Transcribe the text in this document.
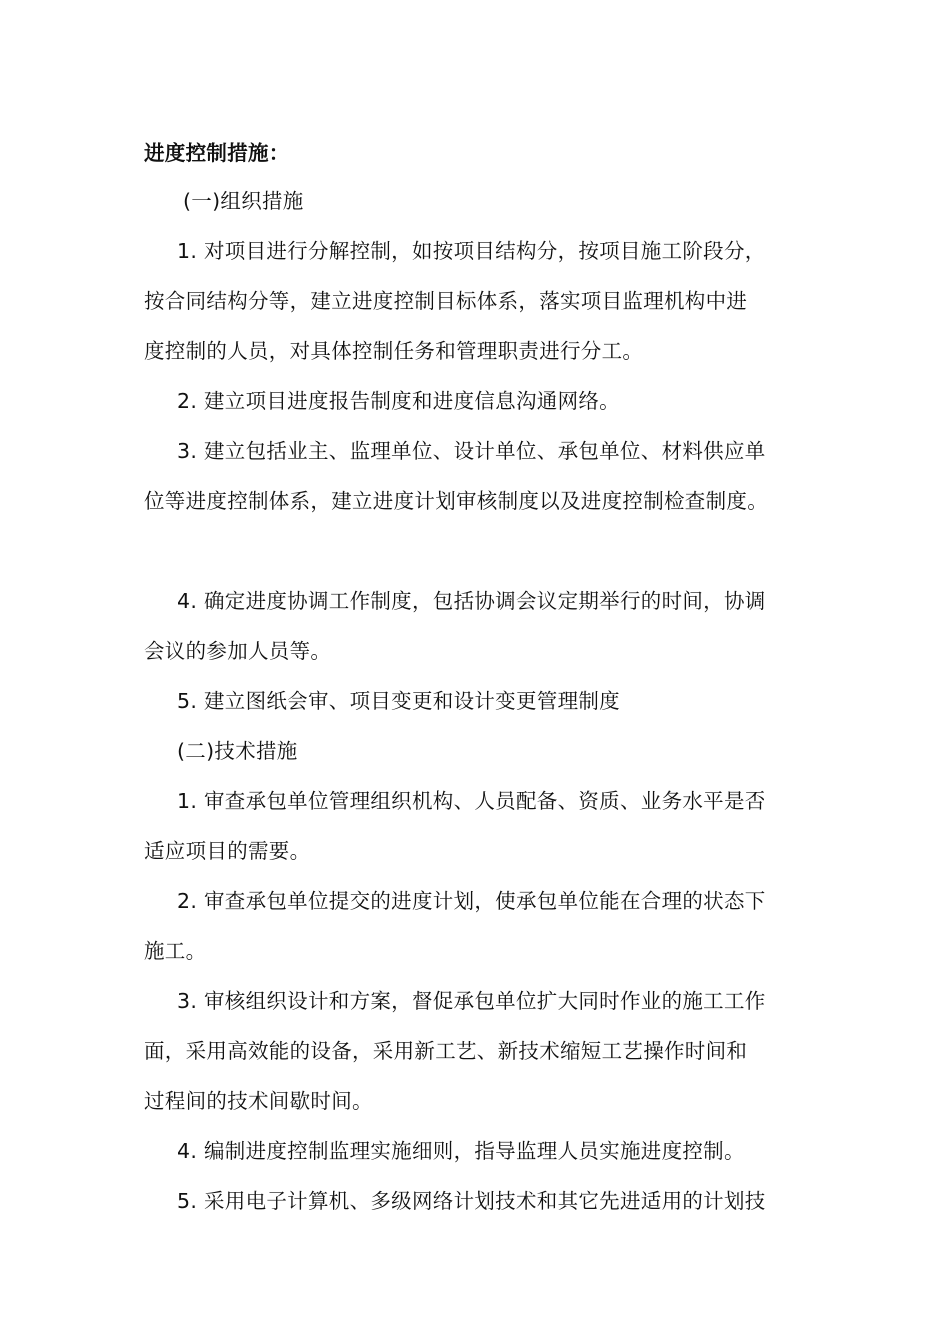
进度控制措施：
(一)组织措施
1. 对项目进行分解控制，如按项目结构分，按项目施工阶段分，
按合同结构分等，建立进度控制目标体系，落实项目监理机构中进
度控制的人员，对具体控制任务和管理职责进行分工。
2. 建立项目进度报告制度和进度信息沟通网络。
3. 建立包括业主、监理单位、设计单位、承包单位、材料供应单
位等进度控制体系，建立进度计划审核制度以及进度控制检查制度。
4. 确定进度协调工作制度，包括协调会议定期举行的时间，协调
会议的参加人员等。
5. 建立图纸会审、项目变更和设计变更管理制度
(二)技术措施
1. 审查承包单位管理组织机构、人员配备、资质、业务水平是否
适应项目的需要。
2. 审查承包单位提交的进度计划，使承包单位能在合理的状态下
施工。
3. 审核组织设计和方案，督促承包单位扩大同时作业的施工工作
面，采用高效能的设备，采用新工艺、新技术缩短工艺操作时间和
过程间的技术间歇时间。
4. 编制进度控制监理实施细则，指导监理人员实施进度控制。
5. 采用电子计算机、多级网络计划技术和其它先进适用的计划技
